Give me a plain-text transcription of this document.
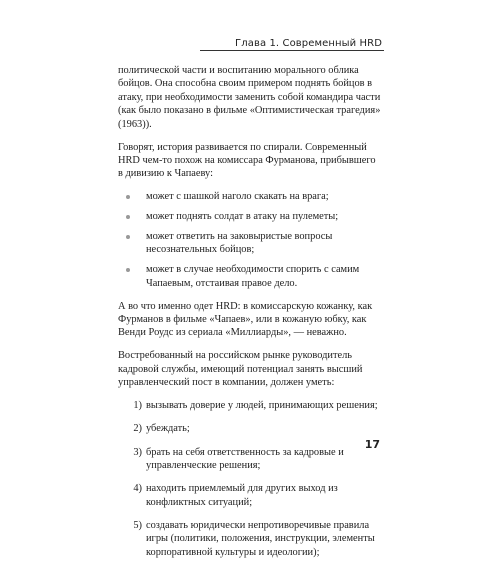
Глава 1. Современный HRD

политической части и воспитанию морального облика бойцов. Она способна своим примером поднять бойцов в атаку, при необходимости заменить собой командира части (как было показано в фильме «Оптимистическая трагедия» (1963)).

Говорят, история развивается по спирали. Современный HRD чем-то похож на комиссара Фурманова, прибывшего в дивизию к Чапаеву:

может с шашкой наголо скакать на врага;
может поднять солдат в атаку на пулеметы;
может ответить на заковыристые вопросы несознательных бойцов;
может в случае необходимости спорить с самим Чапаевым, отстаивая правое дело.

А во что именно одет HRD: в комиссарскую кожанку, как Фурманов в фильме «Чапаев», или в кожаную юбку, как Венди Роудс из сериала «Миллиарды», — неважно.

Востребованный на российском рынке руководитель кадровой службы, имеющий потенциал занять высший управленческий пост в компании, должен уметь:

1) вызывать доверие у людей, принимающих решения;
2) убеждать;
3) брать на себя ответственность за кадровые и управленческие решения;
4) находить приемлемый для других выход из конфликтных ситуаций;
5) создавать юридически непротиворечивые правила игры (политики, положения, инструкции, элементы корпоративной культуры и идеологии);
17
